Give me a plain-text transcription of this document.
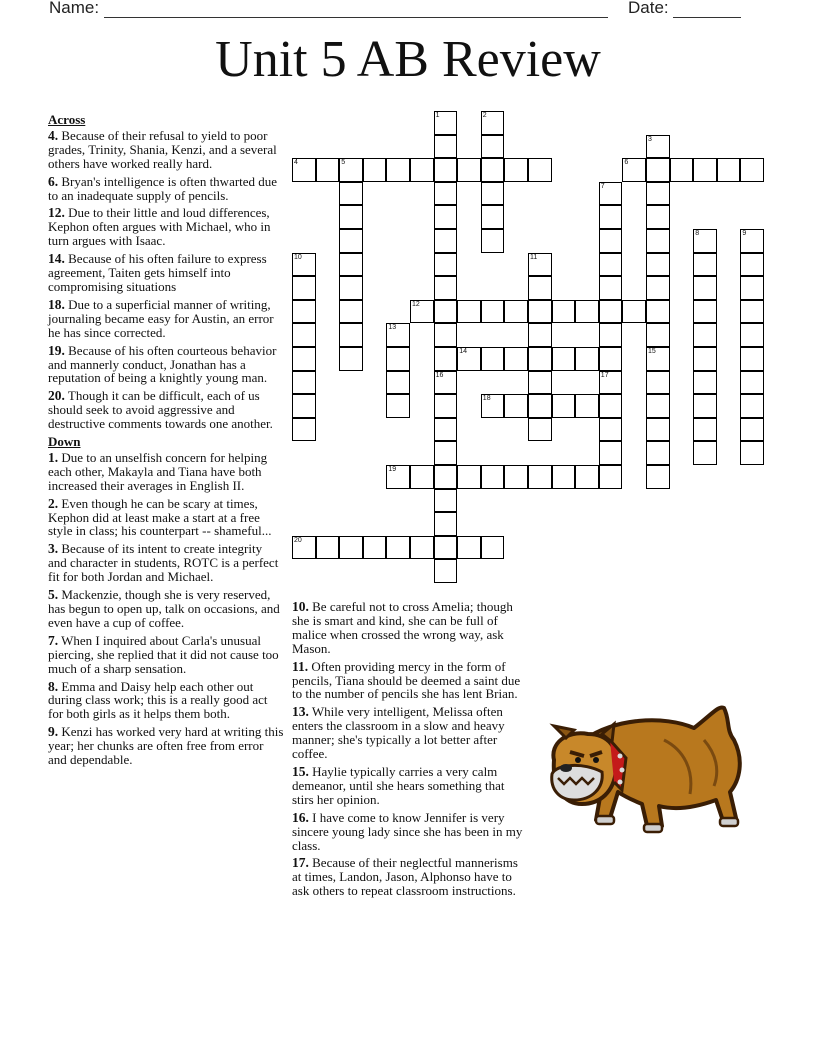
Name:	Date:
Unit 5 AB Review
Across
4. Because of their refusal to yield to poor grades, Trinity, Shania, Kenzi, and a several others have worked really hard.
6. Bryan's intelligence is often thwarted due to an inadequate supply of pencils.
12. Due to their little and loud differences, Kephon often argues with Michael, who in turn argues with Isaac.
14. Because of his often failure to express agreement, Taiten gets himself into compromising situations
18. Due to a superficial manner of writing, journaling became easy for Austin, an error he has since corrected.
19. Because of his often courteous behavior and mannerly conduct, Jonathan has a reputation of being a knightly young man.
20. Though it can be difficult, each of us should seek to avoid aggressive and destructive comments towards one another.
Down
1. Due to an unselfish concern for helping each other, Makayla and Tiana have both increased their averages in English II.
2. Even though he can be scary at times, Kephon did at least make a start at a free style in class; his counterpart -- shameful...
3. Because of its intent to create integrity and character in students, ROTC is a perfect fit for both Jordan and Michael.
5. Mackenzie, though she is very reserved, has begun to open up, talk on occasions, and even have a cup of coffee.
7. When I inquired about Carla's unusual piercing, she replied that it did not cause too much of a sharp sensation.
8. Emma and Daisy help each other out during class work; this is a really good act for both girls as it helps them both.
9. Kenzi has worked very hard at writing this year; her chunks are often free from error and dependable.
10. Be careful not to cross Amelia; though she is smart and kind, she can be full of malice when crossed the wrong way, ask Mason.
11. Often providing mercy in the form of pencils, Tiana should be deemed a saint due to the number of pencils she has lent Brian.
13. While very intelligent, Melissa often enters the classroom in a slow and heavy manner; she's typically a lot better after coffee.
15. Haylie typically carries a very calm demeanor, until she hears something that stirs her opinion.
16. I have come to know Jennifer is very sincere young lady since she has been in my class.
17. Because of their neglectful mannerisms at times, Landon, Jason, Alphonso have to ask others to repeat classroom instructions.
4	5	6
12
14
18
19
20
1
16
2
3
15
7
17
8	9
10	11
13
